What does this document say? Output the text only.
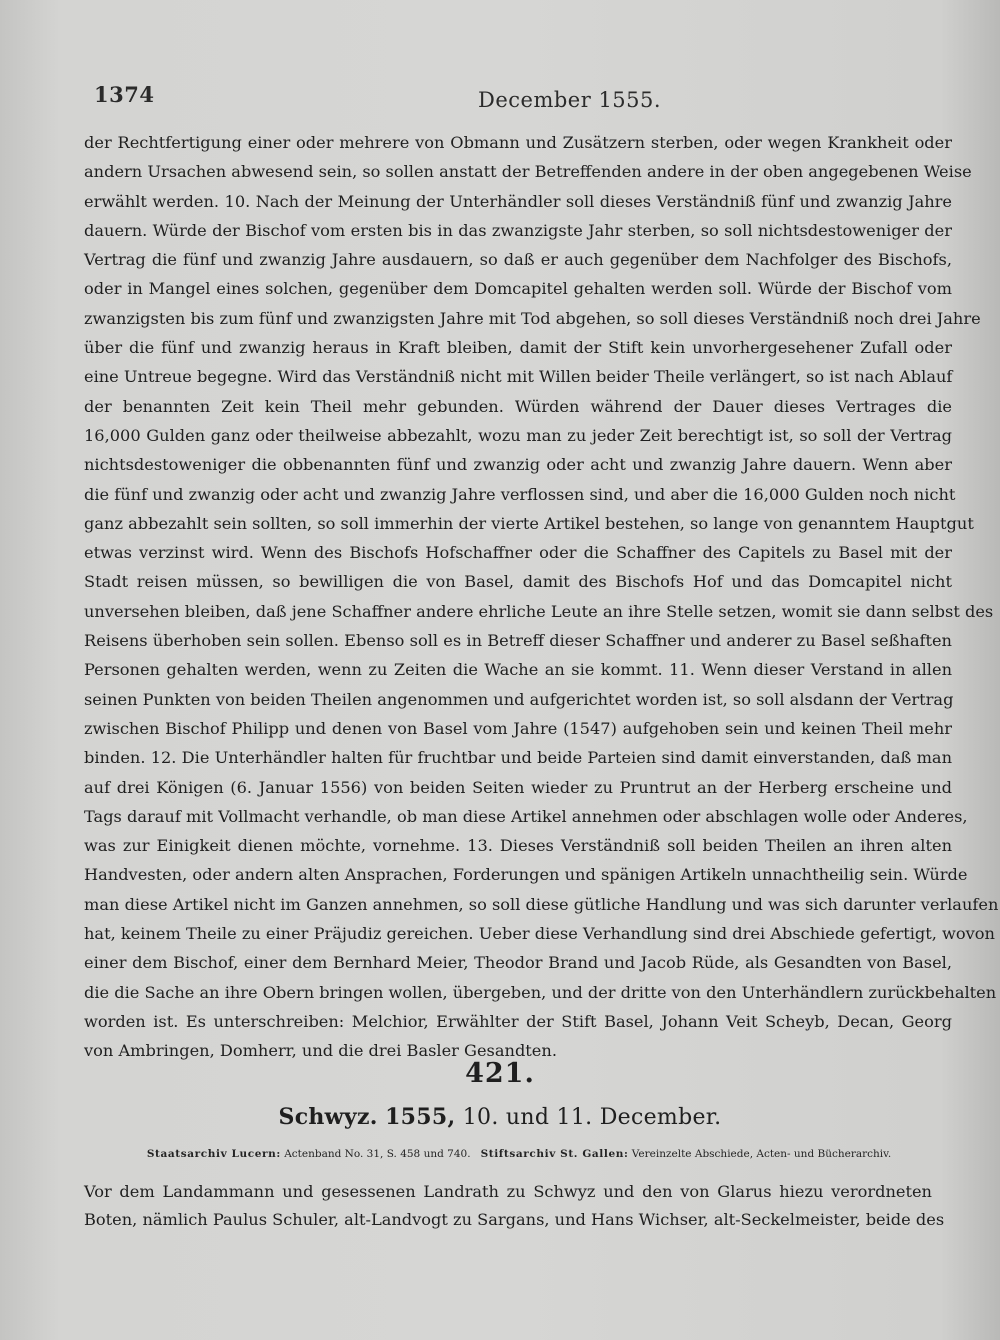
1374	December 1555.
der Rechtfertigung einer oder mehrere von Obmann und Zusätzern sterben, oder wegen Krankheit oder
andern Ursachen abwesend sein, so sollen anstatt der Betreffenden andere in der oben angegebenen Weise
erwählt werden. 10. Nach der Meinung der Unterhändler soll dieses Verständniß fünf und zwanzig Jahre
dauern. Würde der Bischof vom ersten bis in das zwanzigste Jahr sterben, so soll nichtsdestoweniger der
Vertrag die fünf und zwanzig Jahre ausdauern, so daß er auch gegenüber dem Nachfolger des Bischofs,
oder in Mangel eines solchen, gegenüber dem Domcapitel gehalten werden soll. Würde der Bischof vom
zwanzigsten bis zum fünf und zwanzigsten Jahre mit Tod abgehen, so soll dieses Verständniß noch drei Jahre
über die fünf und zwanzig heraus in Kraft bleiben, damit der Stift kein unvorhergesehener Zufall oder
eine Untreue begegne. Wird das Verständniß nicht mit Willen beider Theile verlängert, so ist nach Ablauf
der benannten Zeit kein Theil mehr gebunden. Würden während der Dauer dieses Vertrages die
16,000 Gulden ganz oder theilweise abbezahlt, wozu man zu jeder Zeit berechtigt ist, so soll der Vertrag
nichtsdestoweniger die obbenannten fünf und zwanzig oder acht und zwanzig Jahre dauern. Wenn aber
die fünf und zwanzig oder acht und zwanzig Jahre verflossen sind, und aber die 16,000 Gulden noch nicht
ganz abbezahlt sein sollten, so soll immerhin der vierte Artikel bestehen, so lange von genanntem Hauptgut
etwas verzinst wird. Wenn des Bischofs Hofschaffner oder die Schaffner des Capitels zu Basel mit der
Stadt reisen müssen, so bewilligen die von Basel, damit des Bischofs Hof und das Domcapitel nicht
unversehen bleiben, daß jene Schaffner andere ehrliche Leute an ihre Stelle setzen, womit sie dann selbst des
Reisens überhoben sein sollen. Ebenso soll es in Betreff dieser Schaffner und anderer zu Basel seßhaften
Personen gehalten werden, wenn zu Zeiten die Wache an sie kommt. 11. Wenn dieser Verstand in allen
seinen Punkten von beiden Theilen angenommen und aufgerichtet worden ist, so soll alsdann der Vertrag
zwischen Bischof Philipp und denen von Basel vom Jahre (1547) aufgehoben sein und keinen Theil mehr
binden. 12. Die Unterhändler halten für fruchtbar und beide Parteien sind damit einverstanden, daß man
auf drei Königen (6. Januar 1556) von beiden Seiten wieder zu Pruntrut an der Herberg erscheine und
Tags darauf mit Vollmacht verhandle, ob man diese Artikel annehmen oder abschlagen wolle oder Anderes,
was zur Einigkeit dienen möchte, vornehme. 13. Dieses Verständniß soll beiden Theilen an ihren alten
Handvesten, oder andern alten Ansprachen, Forderungen und spänigen Artikeln unnachtheilig sein. Würde
man diese Artikel nicht im Ganzen annehmen, so soll diese gütliche Handlung und was sich darunter verlaufen
hat, keinem Theile zu einer Präjudiz gereichen. Ueber diese Verhandlung sind drei Abschiede gefertigt, wovon
einer dem Bischof, einer dem Bernhard Meier, Theodor Brand und Jacob Rüde, als Gesandten von Basel,
die die Sache an ihre Obern bringen wollen, übergeben, und der dritte von den Unterhändlern zurückbehalten
worden ist. Es unterschreiben: Melchior, Erwählter der Stift Basel, Johann Veit Scheyb, Decan, Georg
von Ambringen, Domherr, und die drei Basler Gesandten.
421.
Schwyz. 1555, 10. und 11. December.
Staatsarchiv Lucern: Actenband No. 31, S. 458 und 740. Stiftsarchiv St. Gallen: Vereinzelte Abschiede, Acten- und Bücherarchiv.
Vor dem Landammann und gesessenen Landrath zu Schwyz und den von Glarus hiezu verordneten
Boten, nämlich Paulus Schuler, alt-Landvogt zu Sargans, und Hans Wichser, alt-Seckelmeister, beide des
